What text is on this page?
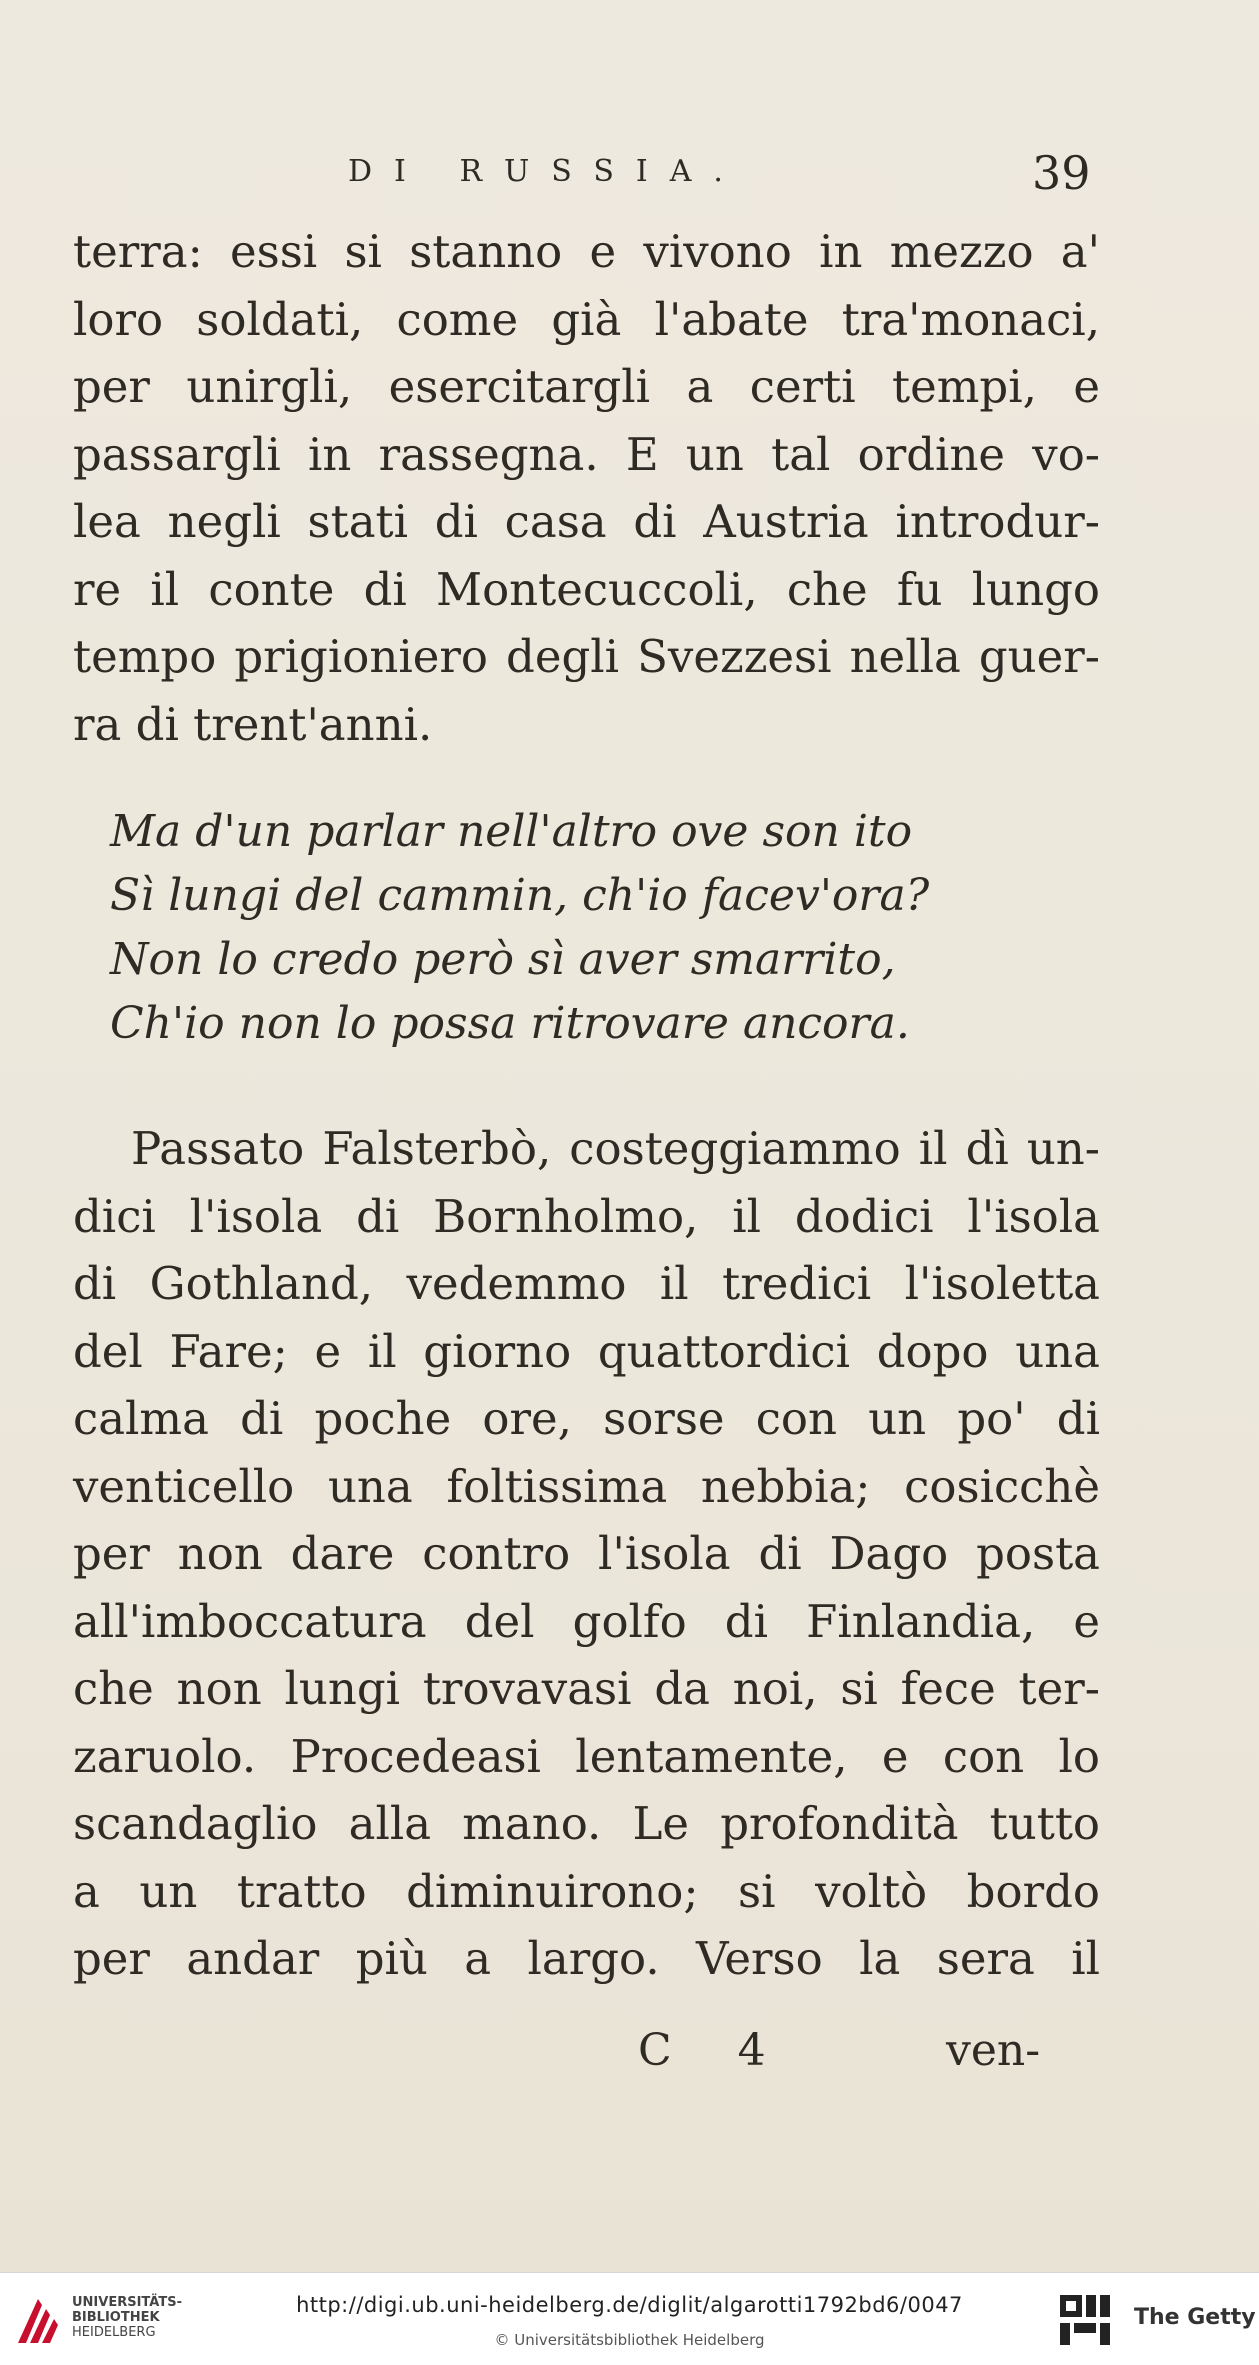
DI RUSSIA.	39
terra: essi si stanno e vivono in mezzo a'
loro soldati, come già l'abate tra'monaci,
per unirgli, esercitargli a certi tempi, e
passargli in rassegna. E un tal ordine vo-
lea negli stati di casa di Austria introdur-
re il conte di Montecuccoli, che fu lungo
tempo prigioniero degli Svezzesi nella guer-
ra di trent'anni.
Ma d'un parlar nell'altro ove son ito
Sì lungi del cammin, ch'io facev'ora?
Non lo credo però sì aver smarrito,
Ch'io non lo possa ritrovare ancora.
Passato Falsterbò, costeggiammo il dì un-
dici l'isola di Bornholmo, il dodici l'isola
di Gothland, vedemmo il tredici l'isoletta
del Fare; e il giorno quattordici dopo una
calma di poche ore, sorse con un po' di
venticello una foltissima nebbia; cosicchè
per non dare contro l'isola di Dago posta
all'imboccatura del golfo di Finlandia, e
che non lungi trovavasi da noi, si fece ter-
zaruolo. Procedeasi lentamente, e con lo
scandaglio alla mano. Le profondità tutto
a un tratto diminuirono; si voltò bordo
per andar più a largo. Verso la sera il
C 4	ven-
UNIVERSITÄTS-
BIBLIOTHEK
HEIDELBERG
http://digi.ub.uni-heidelberg.de/diglit/algarotti1792bd6/0047
© Universitätsbibliothek Heidelberg
The Getty
